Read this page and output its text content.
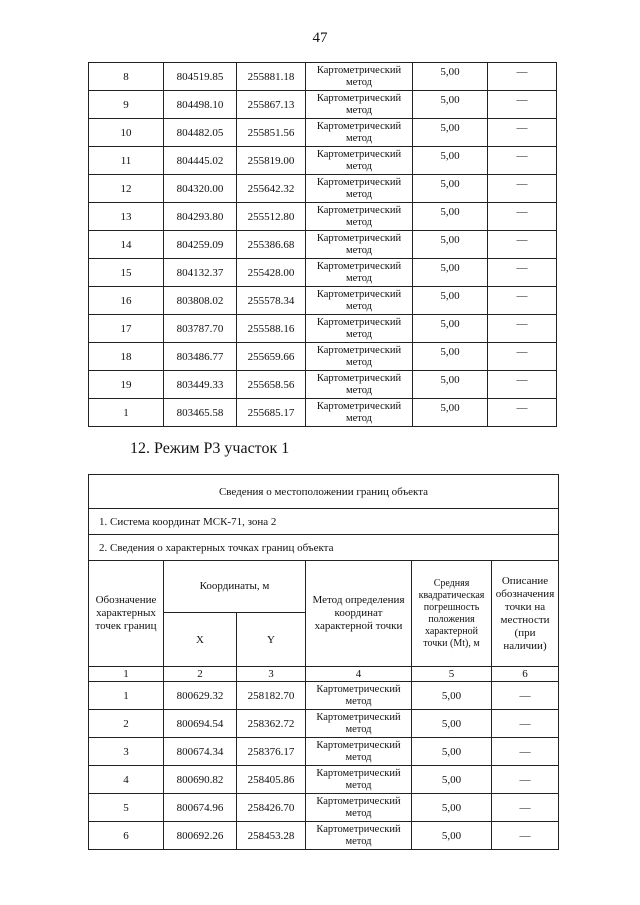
47
8	804519.85	255881.18	Картометрический метод	5,00	—
9	804498.10	255867.13	Картометрический метод	5,00	—
10	804482.05	255851.56	Картометрический метод	5,00	—
11	804445.02	255819.00	Картометрический метод	5,00	—
12	804320.00	255642.32	Картометрический метод	5,00	—
13	804293.80	255512.80	Картометрический метод	5,00	—
14	804259.09	255386.68	Картометрический метод	5,00	—
15	804132.37	255428.00	Картометрический метод	5,00	—
16	803808.02	255578.34	Картометрический метод	5,00	—
17	803787.70	255588.16	Картометрический метод	5,00	—
18	803486.77	255659.66	Картометрический метод	5,00	—
19	803449.33	255658.56	Картометрический метод	5,00	—
1	803465.58	255685.17	Картометрический метод	5,00	—
12. Режим Р3 участок 1
Сведения о местоположении границ объекта					
1. Система координат МСК-71, зона 2					
2. Сведения о характерных точках границ объекта					
Обозначение характерных точек границ	Координаты, м		Метод определения координат характерной точки	Средняя квадратическая погрешность положения характерной точки (Mt), м	Описание обозначения точки на местности (при наличии)
	X	Y			
1	2	3	4	5	6
1	800629.32	258182.70	Картометрический метод	5,00	—
2	800694.54	258362.72	Картометрический метод	5,00	—
3	800674.34	258376.17	Картометрический метод	5,00	—
4	800690.82	258405.86	Картометрический метод	5,00	—
5	800674.96	258426.70	Картометрический метод	5,00	—
6	800692.26	258453.28	Картометрический метод	5,00	—
